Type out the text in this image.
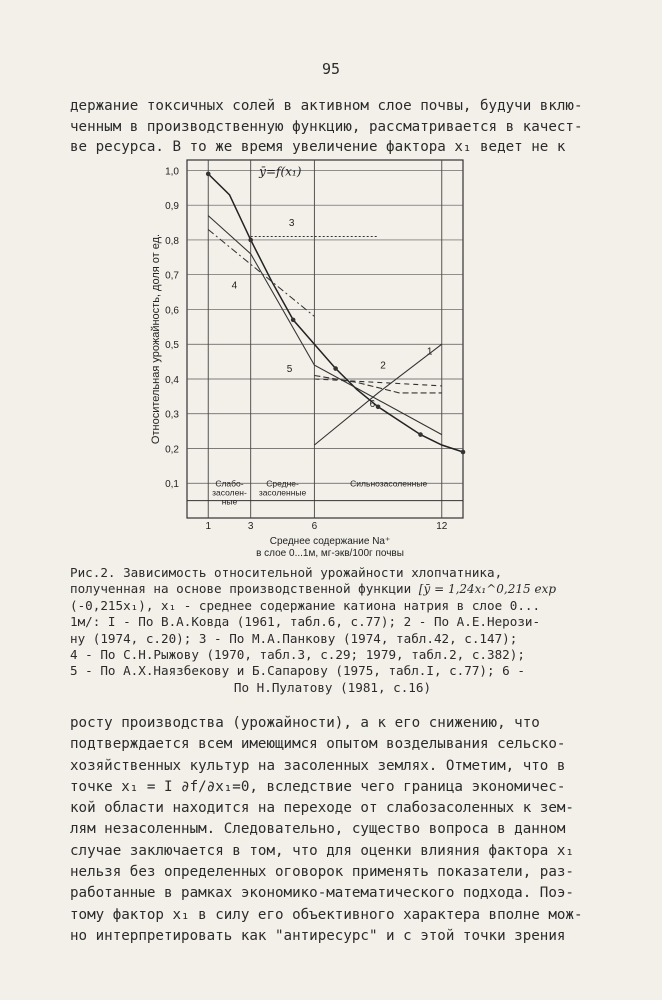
95
держание токсичных солей в активном слое почвы, будучи вклю-
ченным в производственную функцию, рассматривается в качест-
ве ресурса. В то же время увеличение фактора x₁ ведет не к
0,1
0,2
0,3
0,4
0,5
0,6
0,7
0,8
0,9
1,0
1	3	6	12
Слабо-
засолен-
ные
Средне-
засоленные
Сильнозасоленные
Относительная урожайность, доля от ед.
Среднее содержание Na⁺
в слое 0...1м, мг-экв/100г почвы
ȳ=f(x₁)
1
2
3
4
5
6
Рис.2. Зависимость относительной урожайности хлопчатника,
полученная на основе производственной функции [ȳ = 1,24x₁^0,215 exp
(-0,215x₁), x₁ - среднее содержание катиона натрия в слое 0...
1м/: I - По В.А.Ковда (1961, табл.6, с.77); 2 - По А.Е.Нерози-
ну (1974, с.20); 3 - По М.А.Панкову (1974, табл.42, с.147);
4 - По С.Н.Рыжову (1970, табл.3, с.29; 1979, табл.2, с.382);
5 - По А.Х.Наязбекову и Б.Сапарову (1975, табл.I, с.77); 6 -
По Н.Пулатову (1981, с.16)
росту производства (урожайности), а к его снижению, что
подтверждается всем имеющимся опытом возделывания сельско-
хозяйственных культур на засоленных землях. Отметим, что в
точке x₁ = I ∂f/∂x₁=0, вследствие чего граница экономичес-
кой области находится на переходе от слабозасоленных к зем-
лям незасоленным. Следовательно, существо вопроса в данном
случае заключается в том, что для оценки влияния фактора x₁
нельзя без определенных оговорок применять показатели, раз-
работанные в рамках экономико-математического подхода. Поэ-
тому фактор x₁ в силу его объективного характера вполне мож-
но интерпретировать как "антиресурс" и с этой точки зрения
